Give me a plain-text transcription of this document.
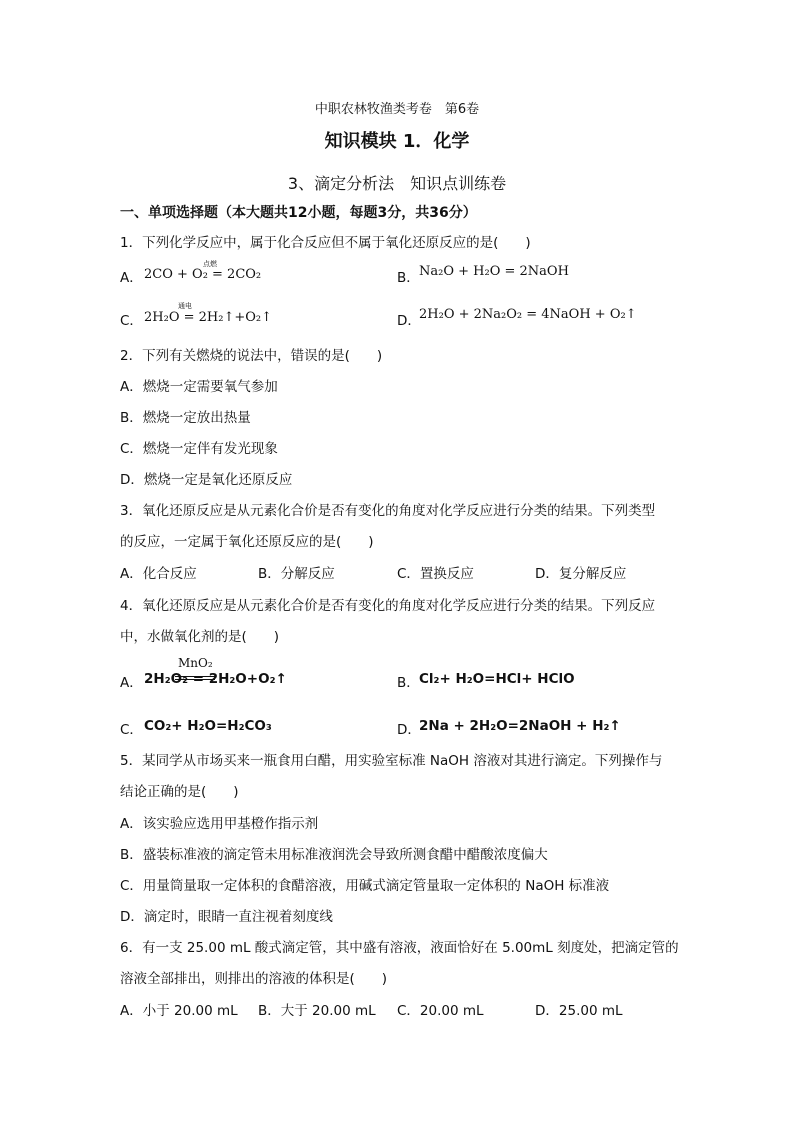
中职农林牧渔类考卷　第6卷
知识模块 1．化学
3、滴定分析法　知识点训练卷
一、单项选择题（本大题共12小题，每题3分，共36分）
1．下列化学反应中，属于化合反应但不属于氧化还原反应的是(　　)
A． 2CO + O₂ = 2CO₂
点燃
B． Na₂O + H₂O = 2NaOH
C． 2H₂O = 2H₂↑+O₂↑
通电
D．
2H₂O + 2Na₂O₂ = 4NaOH + O₂↑
2．下列有关燃烧的说法中，错误的是(　　)
A．燃烧一定需要氧气参加
B．燃烧一定放出热量
C．燃烧一定伴有发光现象
D．燃烧一定是氧化还原反应
3．氧化还原反应是从元素化合价是否有变化的角度对化学反应进行分类的结果。下列类型
的反应，一定属于氧化还原反应的是(　　)
A．化合反应	B．分解反应	C．置换反应	D．复分解反应
4．氧化还原反应是从元素化合价是否有变化的角度对化学反应进行分类的结果。下列反应
中，水做氧化剂的是(　　)
A．
MnO₂
2H₂O₂ = 2H₂O+O₂↑	B． Cl₂+ H₂O=HCl+ HClO
C． CO₂+ H₂O=H₂CO₃	D．
2Na + 2H₂O=2NaOH + H₂↑
5．某同学从市场买来一瓶食用白醋，用实验室标准 NaOH 溶液对其进行滴定。下列操作与
结论正确的是(　　)
A．该实验应选用甲基橙作指示剂
B．盛装标准液的滴定管未用标准液润洗会导致所测食醋中醋酸浓度偏大
C．用量筒量取一定体积的食醋溶液，用碱式滴定管量取一定体积的 NaOH 标准液
D．滴定时，眼睛一直注视着刻度线
6．有一支 25.00 mL 酸式滴定管，其中盛有溶液，液面恰好在 5.00mL 刻度处，把滴定管的
溶液全部排出，则排出的溶液的体积是(　　)
A．小于 20.00 mL B．大于 20.00 mL C．20.00 mL	D．25.00 mL
